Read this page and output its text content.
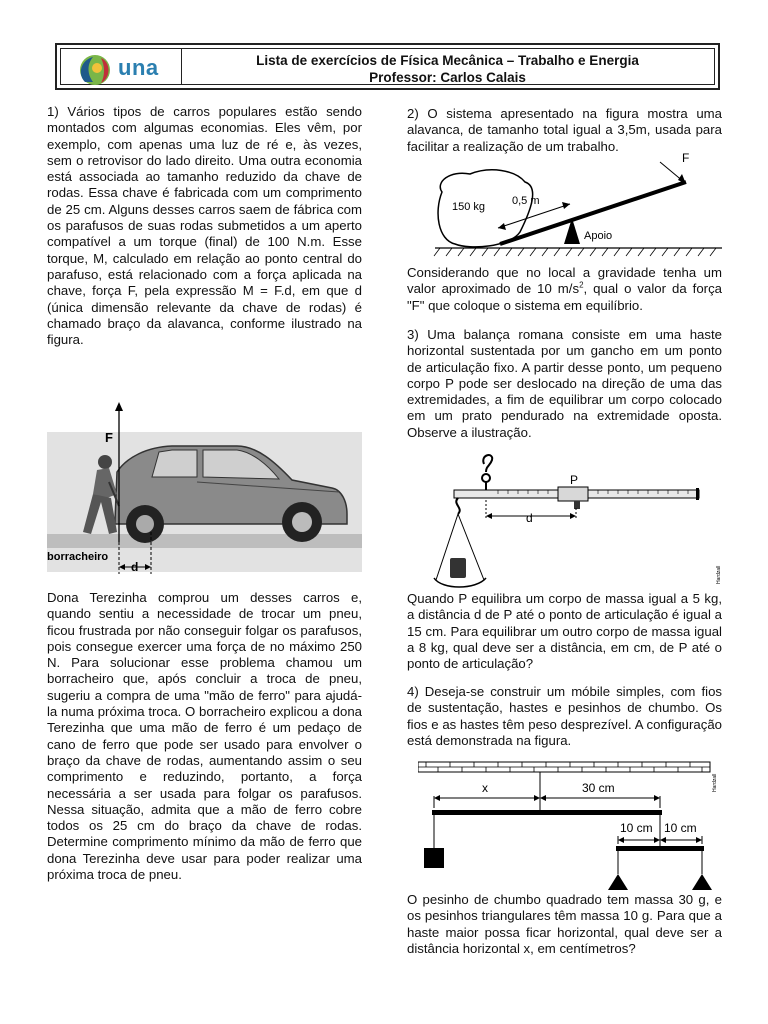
una	Lista de exercícios de Física Mecânica – Trabalho e Energia
Professor: Carlos Calais

1) Vários tipos de carros populares estão sendo montados com algumas economias. Eles vêm, por exemplo, com apenas uma luz de ré e, às vezes, sem o retrovisor do lado direito. Uma outra economia está associada ao tamanho reduzido da chave de rodas. Essa chave é fabricada com um comprimento de 25 cm. Alguns desses carros saem de fábrica com os parafusos de suas rodas submetidos a um aperto compatível a um torque (final) de 100 N.m. Esse torque, M, calculado em relação ao ponto central do parafuso, está relacionado com a força aplicada na chave, força F, pela expressão M = F.d, em que d (única dimensão relevante da chave de rodas) é chamado braço da alavanca, conforme ilustrado na figura.

F
d
borracheiro

Dona Terezinha comprou um desses carros e, quando sentiu a necessidade de trocar um pneu, ficou frustrada por não conseguir folgar os parafusos, pois consegue exercer uma força de no máximo 250 N. Para solucionar esse problema chamou um borracheiro que, após concluir a troca de pneu, sugeriu a compra de uma "mão de ferro" para ajudá-la numa próxima troca. O borracheiro explicou a dona Terezinha que uma mão de ferro é um pedaço de cano de ferro que pode ser usado para envolver o braço da chave de rodas, aumentando assim o seu comprimento e reduzindo, portanto, a força necessária a ser usada para folgar os parafusos. Nessa situação, admita que a mão de ferro cobre todos os 25 cm do braço da chave de rodas. Determine comprimento mínimo da mão de ferro que dona Terezinha deve usar para poder realizar uma próxima troca de pneu.

2) O sistema apresentado na figura mostra uma alavanca, de tamanho total igual a 3,5m, usada para facilitar a realização de um trabalho.

150 kg 0,5 m
Apoio
F

Considerando que no local a gravidade tenha um valor aproximado de 10 $m/s^2$, qual o valor da força "F" que coloque o sistema em equilíbrio.

3) Uma balança romana consiste em uma haste horizontal sustentada por um gancho em um ponto de articulação fixo. A partir desse ponto, um pequeno corpo P pode ser deslocado na direção de uma das extremidades, a fim de equilibrar um corpo colocado em um prato pendurado na extremidade oposta. Observe a ilustração.

P
d
Hardzall

Quando P equilibra um corpo de massa igual a 5 kg, a distância d de P até o ponto de articulação é igual a 15 cm. Para equilibrar um outro corpo de massa igual a 8 kg, qual deve ser a distância, em cm, de P até o ponto de articulação?

4) Deseja-se construir um móbile simples, com fios de sustentação, hastes e pesinhos de chumbo. Os fios e as hastes têm peso desprezível. A configuração está demonstrada na figura.

Hardzall
x	30 cm
10 cm 10 cm

O pesinho de chumbo quadrado tem massa 30 g, e os pesinhos triangulares têm massa 10 g. Para que a haste maior possa ficar horizontal, qual deve ser a distância horizontal x, em centímetros?
